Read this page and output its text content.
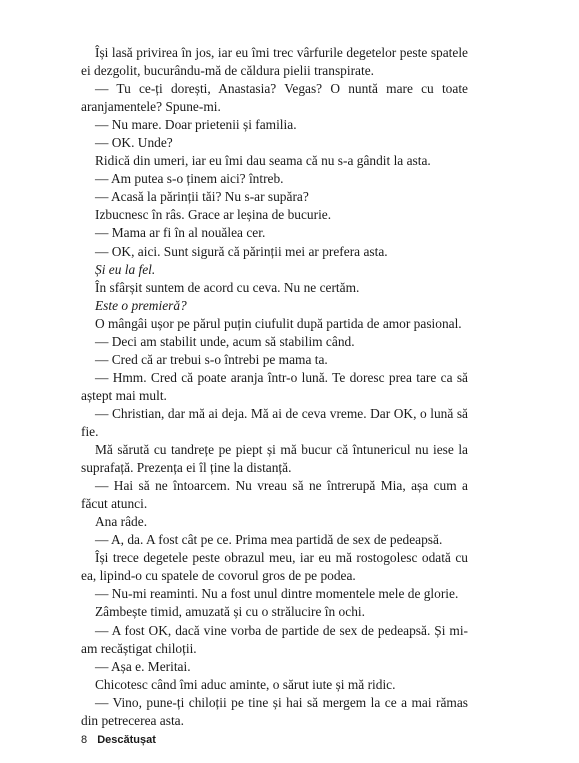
Își lasă privirea în jos, iar eu îmi trec vârfurile degetelor peste spatele ei dezgolit, bucurându-mă de căldura pielii transpirate.

— Tu ce-ți dorești, Anastasia? Vegas? O nuntă mare cu toate aranjamentele? Spune-mi.

— Nu mare. Doar prietenii și familia.

— OK. Unde?

Ridică din umeri, iar eu îmi dau seama că nu s-a gândit la asta.

— Am putea s-o ținem aici? întreb.

— Acasă la părinții tăi? Nu s-ar supăra?

Izbucnesc în râs. Grace ar leșina de bucurie.

— Mama ar fi în al nouălea cer.

— OK, aici. Sunt sigură că părinții mei ar prefera asta.

Și eu la fel.

În sfârșit suntem de acord cu ceva. Nu ne certăm.

Este o premieră?

O mângâi ușor pe părul puțin ciufulit după partida de amor pasional.

— Deci am stabilit unde, acum să stabilim când.

— Cred că ar trebui s-o întrebi pe mama ta.

— Hmm. Cred că poate aranja într-o lună. Te doresc prea tare ca să aștept mai mult.

— Christian, dar mă ai deja. Mă ai de ceva vreme. Dar OK, o lună să fie.

Mă sărută cu tandrețe pe piept și mă bucur că întunericul nu iese la suprafață. Prezența ei îl ține la distanță.

— Hai să ne întoarcem. Nu vreau să ne întrerupă Mia, așa cum a făcut atunci.

Ana râde.

— A, da. A fost cât pe ce. Prima mea partidă de sex de pedeapsă.

Își trece degetele peste obrazul meu, iar eu mă rostogolesc odată cu ea, lipind-o cu spatele de covorul gros de pe podea.

— Nu-mi reaminti. Nu a fost unul dintre momentele mele de glorie.

Zâmbește timid, amuzată și cu o strălucire în ochi.

— A fost OK, dacă vine vorba de partide de sex de pedeapsă. Și mi-am recăștigat chiloții.

— Așa e. Meritai.

Chicotesc când îmi aduc aminte, o sărut iute și mă ridic.

— Vino, pune-ți chiloții pe tine și hai să mergem la ce a mai rămas din petrecerea asta.

8 Descătușat
